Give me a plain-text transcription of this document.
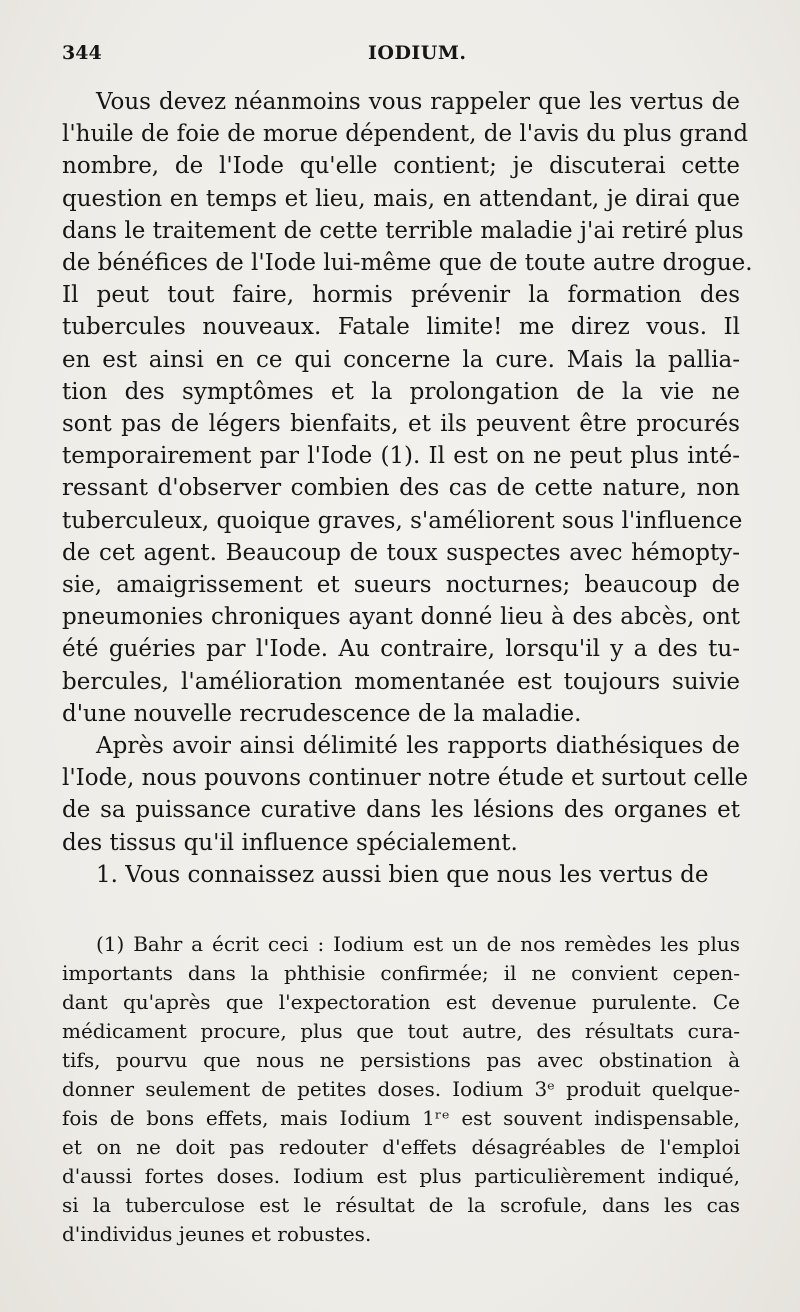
344	IODIUM.

Vous devez néanmoins vous rappeler que les vertus de
l'huile de foie de morue dépendent, de l'avis du plus grand
nombre, de l'Iode qu'elle contient; je discuterai cette
question en temps et lieu, mais, en attendant, je dirai que
dans le traitement de cette terrible maladie j'ai retiré plus
de bénéfices de l'Iode lui-même que de toute autre drogue.
Il peut tout faire, hormis prévenir la formation des
tubercules nouveaux. Fatale limite! me direz vous. Il
en est ainsi en ce qui concerne la cure. Mais la pallia-
tion des symptômes et la prolongation de la vie ne
sont pas de légers bienfaits, et ils peuvent être procurés
temporairement par l'Iode (1). Il est on ne peut plus inté-
ressant d'observer combien des cas de cette nature, non
tuberculeux, quoique graves, s'améliorent sous l'influence
de cet agent. Beaucoup de toux suspectes avec hémopty-
sie, amaigrissement et sueurs nocturnes; beaucoup de
pneumonies chroniques ayant donné lieu à des abcès, ont
été guéries par l'Iode. Au contraire, lorsqu'il y a des tu-
bercules, l'amélioration momentanée est toujours suivie
d'une nouvelle recrudescence de la maladie.

Après avoir ainsi délimité les rapports diathésiques de
l'Iode, nous pouvons continuer notre étude et surtout celle
de sa puissance curative dans les lésions des organes et
des tissus qu'il influence spécialement.

1. Vous connaissez aussi bien que nous les vertus de

(1) Bahr a écrit ceci : Iodium est un de nos remèdes les plus
importants dans la phthisie confirmée; il ne convient cepen-
dant qu'après que l'expectoration est devenue purulente. Ce
médicament procure, plus que tout autre, des résultats cura-
tifs, pourvu que nous ne persistions pas avec obstination à
donner seulement de petites doses. Iodium 3ᵉ produit quelque-
fois de bons effets, mais Iodium 1ʳᵉ est souvent indispensable,
et on ne doit pas redouter d'effets désagréables de l'emploi
d'aussi fortes doses. Iodium est plus particulièrement indiqué,
si la tuberculose est le résultat de la scrofule, dans les cas
d'individus jeunes et robustes.
